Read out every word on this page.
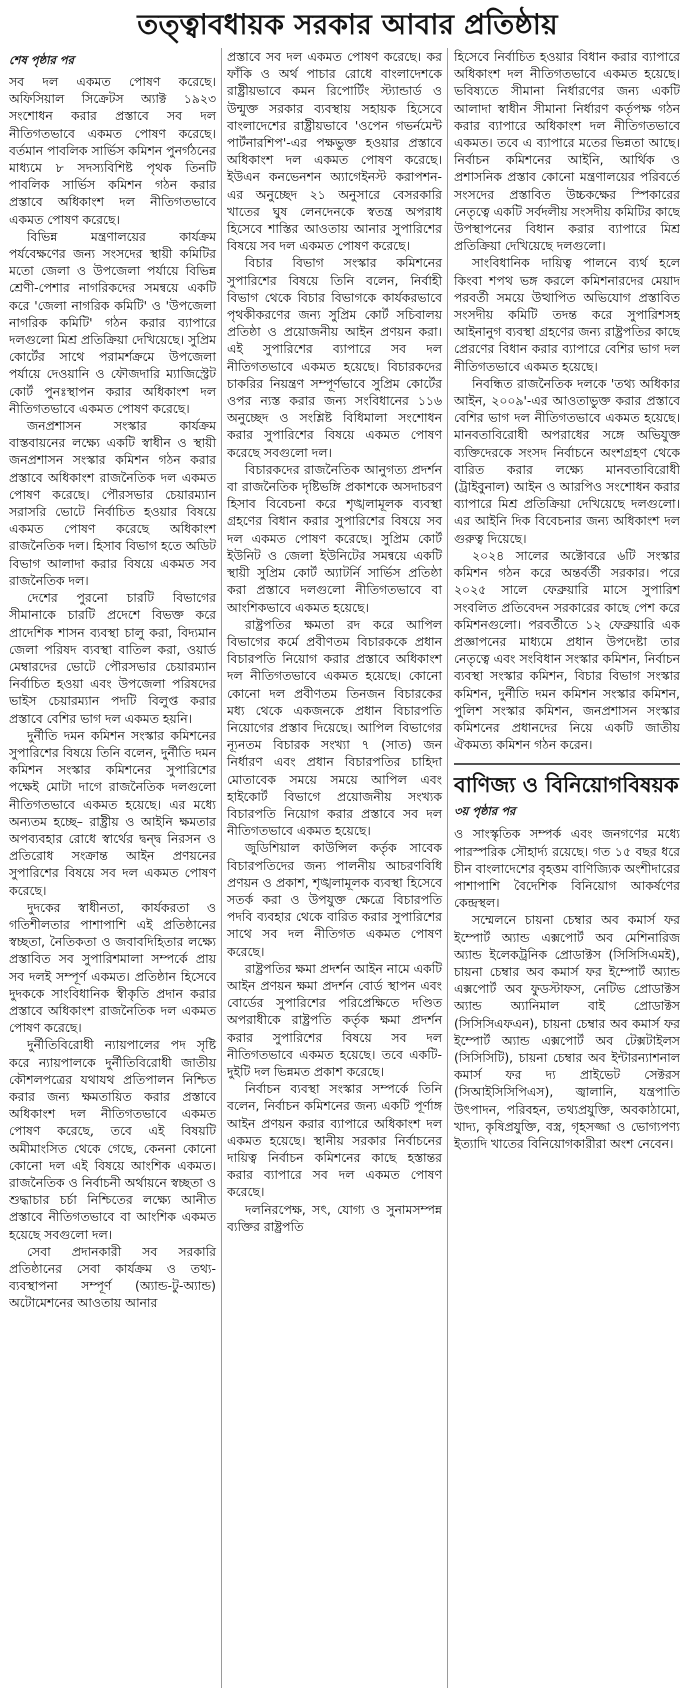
তত্ত্বাবধায়ক সরকার আবার প্রতিষ্ঠায়
শেষ পৃষ্ঠার পর

সব দল একমত পোষণ করেছে। অফিসিয়াল সিক্রেটস অ্যাক্ট ১৯২৩ সংশোধন করার প্রস্তাবে সব দল নীতিগতভাবে একমত পোষণ করেছে। বর্তমান পাবলিক সার্ভিস কমিশন পুনর্গঠনের মাধ্যমে ৮ সদস্যবিশিষ্ট পৃথক তিনটি পাবলিক সার্ভিস কমিশন গঠন করার প্রস্তাবে অধিকাংশ দল নীতিগতভাবে একমত পোষণ করেছে।

বিভিন্ন মন্ত্রণালয়ের কার্যক্রম পর্যবেক্ষণের জন্য সংসদের স্থায়ী কমিটির মতো জেলা ও উপজেলা পর্যায়ে বিভিন্ন শ্রেণী-পেশার নাগরিকদের সমন্বয়ে একটি করে 'জেলা নাগরিক কমিটি' ও 'উপজেলা নাগরিক কমিটি' গঠন করার ব্যাপারে দলগুলো মিশ্র প্রতিক্রিয়া দেখিয়েছে। সুপ্রিম কোর্টের সাথে পরামর্শক্রমে উপজেলা পর্যায়ে দেওয়ানি ও ফৌজদারি ম্যাজিস্ট্রেট কোর্ট পুনঃস্থাপন করার অধিকাংশ দল নীতিগতভাবে একমত পোষণ করেছে।

জনপ্রশাসন সংস্কার কার্যক্রম বাস্তবায়নের লক্ষ্যে একটি স্বাধীন ও স্থায়ী জনপ্রশাসন সংস্কার কমিশন গঠন করার প্রস্তাবে অধিকাংশ রাজনৈতিক দল একমত পোষণ করেছে। পৌরসভার চেয়ারম্যান সরাসরি ভোটে নির্বাচিত হওয়ার বিষয়ে একমত পোষণ করেছে অধিকাংশ রাজনৈতিক দল। হিসাব বিভাগ হতে অডিট বিভাগ আলাদা করার বিষয়ে একমত সব রাজনৈতিক দল।

দেশের পুরনো চারটি বিভাগের সীমানাকে চারটি প্রদেশে বিভক্ত করে প্রাদেশিক শাসন ব্যবস্থা চালু করা, বিদ্যমান জেলা পরিষদ ব্যবস্থা বাতিল করা, ওয়ার্ড মেম্বারদের ভোটে পৌরসভার চেয়ারম্যান নির্বাচিত হওয়া এবং উপজেলা পরিষদের ভাইস চেয়ারম্যান পদটি বিলুপ্ত করার প্রস্তাবে বেশির ভাগ দল একমত হয়নি।

দুর্নীতি দমন কমিশন সংস্কার কমিশনের সুপারিশের বিষয়ে তিনি বলেন, দুর্নীতি দমন কমিশন সংস্কার কমিশনের সুপারিশের পক্ষেই মোটা দাগে রাজনৈতিক দলগুলো নীতিগতভাবে একমত হয়েছে। এর মধ্যে অন্যতম হচ্ছে– রাষ্ট্রীয় ও আইনি ক্ষমতার অপব্যবহার রোধে স্বার্থের দ্বন্দ্ব নিরসন ও প্রতিরোধ সংক্রান্ত আইন প্রণয়নের সুপারিশের বিষয়ে সব দল একমত পোষণ করেছে।

দুদকের স্বাধীনতা, কার্যকরতা ও গতিশীলতার পাশাপাশি এই প্রতিষ্ঠানের স্বচ্ছতা, নৈতিকতা ও জবাবদিহিতার লক্ষ্যে প্রস্তাবিত সব সুপারিশমালা সম্পর্কে প্রায় সব দলই সম্পূর্ণ একমত। প্রতিষ্ঠান হিসেবে দুদককে সাংবিধানিক স্বীকৃতি প্রদান করার প্রস্তাবে অধিকাংশ রাজনৈতিক দল একমত পোষণ করেছে।

দুর্নীতিবিরোধী ন্যায়পালের পদ সৃষ্টি করে ন্যায়পালকে দুর্নীতিবিরোধী জাতীয় কৌশলপত্রের যথাযথ প্রতিপালন নিশ্চিত করার জন্য ক্ষমতায়িত করার প্রস্তাবে অধিকাংশ দল নীতিগতভাবে একমত পোষণ করেছে, তবে এই বিষয়টি অমীমাংসিত থেকে গেছে, কেননা কোনো কোনো দল এই বিষয়ে আংশিক একমত। রাজনৈতিক ও নির্বাচনী অর্থায়নে স্বচ্ছতা ও শুদ্ধাচার চর্চা নিশ্চিতের লক্ষ্যে আনীত প্রস্তাবে নীতিগতভাবে বা আংশিক একমত হয়েছে সবগুলো দল।

সেবা প্রদানকারী সব সরকারি প্রতিষ্ঠানের সেবা কার্যক্রম ও তথ্য-ব্যবস্থাপনা সম্পূর্ণ (অ্যান্ড-টু-অ্যান্ড) অটোমেশনের আওতায় আনার

প্রস্তাবে সব দল একমত পোষণ করেছে। কর ফাঁকি ও অর্থ পাচার রোধে বাংলাদেশকে রাষ্ট্রীয়ভাবে কমন রিপোর্টিং স্ট্যান্ডার্ড ও উন্মুক্ত সরকার ব্যবস্থায় সহায়ক হিসেবে বাংলাদেশের রাষ্ট্রীয়ভাবে 'ওপেন গভর্নমেন্ট পার্টনারশিপ'-এর পক্ষভুক্ত হওয়ার প্রস্তাবে অধিকাংশ দল একমত পোষণ করেছে। ইউএন কনভেনশন অ্যাগেইনস্ট করাপশন-এর অনুচ্ছেদ ২১ অনুসারে বেসরকারি খাতের ঘুষ লেনদেনকে স্বতন্ত্র অপরাধ হিসেবে শাস্তির আওতায় আনার সুপারিশের বিষয়ে সব দল একমত পোষণ করেছে।

বিচার বিভাগ সংস্কার কমিশনের সুপারিশের বিষয়ে তিনি বলেন, নির্বাহী বিভাগ থেকে বিচার বিভাগকে কার্যকরভাবে পৃথকীকরণের জন্য সুপ্রিম কোর্ট সচিবালয় প্রতিষ্ঠা ও প্রয়োজনীয় আইন প্রণয়ন করা। এই সুপারিশের ব্যাপারে সব দল নীতিগতভাবে একমত হয়েছে। বিচারকদের চাকরির নিয়ন্ত্রণ সম্পূর্ণভাবে সুপ্রিম কোর্টের ওপর ন্যস্ত করার জন্য সংবিধানের ১১৬ অনুচ্ছেদ ও সংশ্লিষ্ট বিধিমালা সংশোধন করার সুপারিশের বিষয়ে একমত পোষণ করেছে সবগুলো দল।

বিচারকদের রাজনৈতিক আনুগত্য প্রদর্শন বা রাজনৈতিক দৃষ্টিভঙ্গি প্রকাশকে অসদাচরণ হিসাব বিবেচনা করে শৃঙ্খলামূলক ব্যবস্থা গ্রহণের বিধান করার সুপারিশের বিষয়ে সব দল একমত পোষণ করেছে। সুপ্রিম কোর্ট ইউনিট ও জেলা ইউনিটের সমন্বয়ে একটি স্থায়ী সুপ্রিম কোর্ট অ্যাটর্নি সার্ভিস প্রতিষ্ঠা করা প্রস্তাবে দলগুলো নীতিগতভাবে বা আংশিকভাবে একমত হয়েছে।

রাষ্ট্রপতির ক্ষমতা রদ করে আপিল বিভাগের কর্মে প্রবীণতম বিচারককে প্রধান বিচারপতি নিয়োগ করার প্রস্তাবে অধিকাংশ দল নীতিগতভাবে একমত হয়েছে। কোনো কোনো দল প্রবীণতম তিনজন বিচারকের মধ্য থেকে একজনকে প্রধান বিচারপতি নিয়োগের প্রস্তাব দিয়েছে। আপিল বিভাগের ন্যূনতম বিচারক সংখ্যা ৭ (সাত) জন নির্ধারণ এবং প্রধান বিচারপতির চাহিদা মোতাবেক সময়ে সময়ে আপিল এবং হাইকোর্ট বিভাগে প্রয়োজনীয় সংখ্যক বিচারপতি নিয়োগ করার প্রস্তাবে সব দল নীতিগতভাবে একমত হয়েছে।

জুডিশিয়াল কাউন্সিল কর্তৃক সাবেক বিচারপতিদের জন্য পালনীয় আচরণবিধি প্রণয়ন ও প্রকাশ, শৃঙ্খলামূলক ব্যবস্থা হিসেবে সতর্ক করা ও উপযুক্ত ক্ষেত্রে বিচারপতি পদবি ব্যবহার থেকে বারিত করার সুপারিশের সাথে সব দল নীতিগত একমত পোষণ করেছে।

রাষ্ট্রপতির ক্ষমা প্রদর্শন আইন নামে একটি আইন প্রণয়ন ক্ষমা প্রদর্শন বোর্ড স্থাপন এবং বোর্ডের সুপারিশের পরিপ্রেক্ষিতে দণ্ডিত অপরাধীকে রাষ্ট্রপতি কর্তৃক ক্ষমা প্রদর্শন করার সুপারিশের বিষয়ে সব দল নীতিগতভাবে একমত হয়েছে। তবে একটি-দুইটি দল ভিন্নমত প্রকাশ করেছে।

নির্বাচন ব্যবস্থা সংস্কার সম্পর্কে তিনি বলেন, নির্বাচন কমিশনের জন্য একটি পূর্ণাঙ্গ আইন প্রণয়ন করার ব্যাপারে অধিকাংশ দল একমত হয়েছে। স্থানীয় সরকার নির্বাচনের দায়িত্ব নির্বাচন কমিশনের কাছে হস্তান্তর করার ব্যাপারে সব দল একমত পোষণ করেছে।

দলনিরপেক্ষ, সৎ, যোগ্য ও সুনামসম্পন্ন ব্যক্তির রাষ্ট্রপতি

হিসেবে নির্বাচিত হওয়ার বিধান করার ব্যাপারে অধিকাংশ দল নীতিগতভাবে একমত হয়েছে। ভবিষ্যতে সীমানা নির্ধারণের জন্য একটি আলাদা স্বাধীন সীমানা নির্ধারণ কর্তৃপক্ষ গঠন করার ব্যাপারে অধিকাংশ দল নীতিগতভাবে একমত। তবে এ ব্যাপারে মতের ভিন্নতা আছে। নির্বাচন কমিশনের আইনি, আর্থিক ও প্রশাসনিক প্রস্তাব কোনো মন্ত্রণালয়ের পরিবর্তে সংসদের প্রস্তাবিত উচ্চকক্ষের স্পিকারের নেতৃত্বে একটি সর্বদলীয় সংসদীয় কমিটির কাছে উপস্থাপনের বিধান করার ব্যাপারে মিশ্র প্রতিক্রিয়া দেখিয়েছে দলগুলো।

সাংবিধানিক দায়িত্ব পালনে ব্যর্থ হলে কিংবা শপথ ভঙ্গ করলে কমিশনারদের মেয়াদ পরবর্তী সময়ে উত্থাপিত অভিযোগ প্রস্তাবিত সংসদীয় কমিটি তদন্ত করে সুপারিশসহ আইনানুগ ব্যবস্থা গ্রহণের জন্য রাষ্ট্রপতির কাছে প্রেরণের বিধান করার ব্যাপারে বেশির ভাগ দল নীতিগতভাবে একমত হয়েছে।

নিবন্ধিত রাজনৈতিক দলকে 'তথ্য অধিকার আইন, ২০০৯'-এর আওতাভুক্ত করার প্রস্তাবে বেশির ভাগ দল নীতিগতভাবে একমত হয়েছে। মানবতাবিরোধী অপরাধের সঙ্গে অভিযুক্ত ব্যক্তিদেরকে সংসদ নির্বাচনে অংশগ্রহণ থেকে বারিত করার লক্ষ্যে মানবতাবিরোধী (ট্রাইবুনাল) আইন ও আরপিও সংশোধন করার ব্যাপারে মিশ্র প্রতিক্রিয়া দেখিয়েছে দলগুলো। এর আইনি দিক বিবেচনার জন্য অধিকাংশ দল গুরুত্ব দিয়েছে।

২০২৪ সালের অক্টোবরে ৬টি সংস্কার কমিশন গঠন করে অন্তর্বর্তী সরকার। পরে ২০২৫ সালে ফেব্রুয়ারি মাসে সুপারিশ সংবলিত প্রতিবেদন সরকারের কাছে পেশ করে কমিশনগুলো। পরবর্তীতে ১২ ফেব্রুয়ারি এক প্রজ্ঞাপনের মাধ্যমে প্রধান উপদেষ্টা তার নেতৃত্বে এবং সংবিধান সংস্কার কমিশন, নির্বাচন ব্যবস্থা সংস্কার কমিশন, বিচার বিভাগ সংস্কার কমিশন, দুর্নীতি দমন কমিশন সংস্কার কমিশন, পুলিশ সংস্কার কমিশন, জনপ্রশাসন সংস্কার কমিশনের প্রধানদের নিয়ে একটি জাতীয় ঐকমত্য কমিশন গঠন করেন।

বাণিজ্য ও বিনিয়োগবিষয়ক
৩য় পৃষ্ঠার পর

ও সাংস্কৃতিক সম্পর্ক এবং জনগণের মধ্যে পারস্পরিক সৌহার্দ্য রয়েছে। গত ১৫ বছর ধরে চীন বাংলাদেশের বৃহত্তম বাণিজ্যিক অংশীদারের পাশাপাশি বৈদেশিক বিনিয়োগ আকর্ষণের কেন্দ্রস্থল।

সম্মেলনে চায়না চেম্বার অব কমার্স ফর ইম্পোর্ট অ্যান্ড এক্সপোর্ট অব মেশিনারিজ অ্যান্ড ইলেকট্রনিক প্রোডাক্টস (সিসিসিএমই), চায়না চেম্বার অব কমার্স ফর ইম্পোর্ট অ্যান্ড এক্সপোর্ট অব ফুডস্টাফস, নেটিভ প্রোডাক্টস অ্যান্ড অ্যানিমাল বাই প্রোডাক্টস (সিসিসিএফএন), চায়না চেম্বার অব কমার্স ফর ইম্পোর্ট অ্যান্ড এক্সপোর্ট অব টেক্সটাইলস (সিসিসিটি), চায়না চেম্বার অব ইন্টারন্যাশনাল কমার্স ফর দ্য প্রাইভেট সেক্টরস (সিআইসিসিপিএস), জ্বালানি, যন্ত্রপাতি উৎপাদন, পরিবহন, তথ্যপ্রযুক্তি, অবকাঠামো, খাদ্য, কৃষিপ্রযুক্তি, বস্ত্র, গৃহসজ্জা ও ভোগ্যপণ্য ইত্যাদি খাতের বিনিয়োগকারীরা অংশ নেবেন।
